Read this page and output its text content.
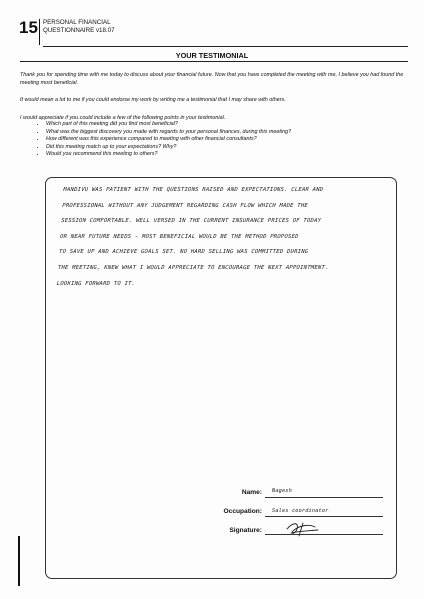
15 PERSONAL FINANCIAL QUESTIONNAIRE v18.07
YOUR TESTIMONIAL
Thank you for spending time with me today to discuss about your financial future. Now that you have completed the meeting with me, I believe you had found the meeting most beneficial.
It would mean a lot to me if you could endorse my work by writing me a testimonial that I may share with others.
I would appreciate if you could include a few of the following points in your testimonial.
• Which part of this meeting did you find most beneficial?
• What was the biggest discovery you made with regards to your personal finances, during this meeting?
• How different was this experience compared to meeting with other financial consultants?
• Did this meeting match up to your expectations? Why?
• Would you recommend this meeting to others?
MANDIVU WAS PATIENT WITH THE QUESTIONS RAISED AND EXPECTATIONS. CLEAR AND
PROFESSIONAL WITHOUT ANY JUDGEMENT REGARDING CASH FLOW WHICH MADE THE
SESSION COMFORTABLE. WELL VERSED IN THE CURRENT INSURANCE PRICES OF TODAY
OR NEAR FUTURE NEEDS - MOST BENEFICIAL WOULD BE THE METHOD PROPOSED
TO SAVE UP AND ACHIEVE GOALS SET. NO HARD SELLING WAS COMMITTED DURING
THE MEETING, KNEW WHAT I WOULD APPRECIATE TO ENCOURAGE THE NEXT APPOINTMENT.
LOOKING FORWARD TO IT.
Name: Nagesh
Occupation: Sales coordinator
Signature:
